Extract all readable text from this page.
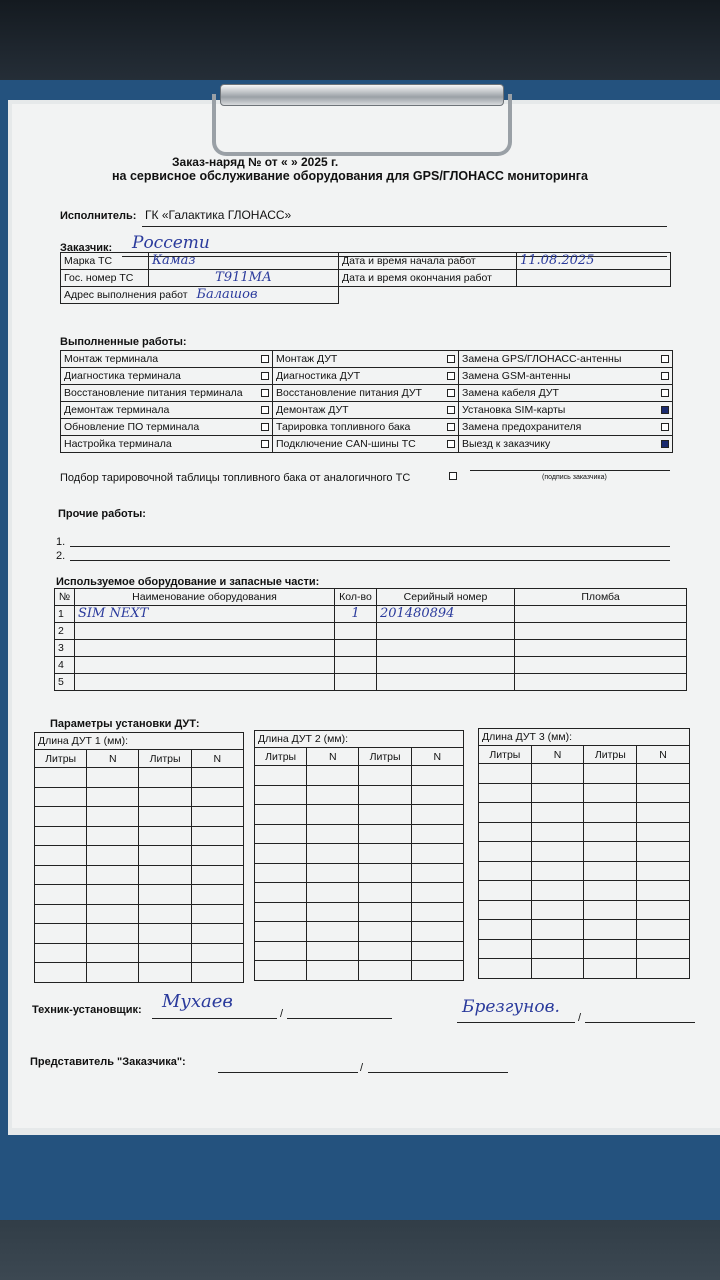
Заказ-наряд № от « » 2025 г.
на сервисное обслуживание оборудования для GPS/ГЛОНАСС мониторинга
Исполнитель: ГК «Галактика ГЛОНАСС»
Заказчик: Россети
Марка ТС	Камаз	Дата и время начала работ	11.08.2025
Гос. номер ТС	Т911МА	Дата и время окончания работ	
Адрес выполнения работ Балашов			
Выполненные работы:

Монтаж терминала	Монтаж ДУТ	Замена GPS/ГЛОНАСС-антенны

Диагностика терминала	Диагностика ДУТ	Замена GSM-антенны

Восстановление питания терминала	Восстановление питания ДУТ	Замена кабеля ДУТ

Демонтаж терминала	Демонтаж ДУТ	Установка SIM-карты

Обновление ПО терминала	Тарировка топливного бака	Замена предохранителя

Настройка терминала	Подключение CAN-шины ТС	Выезд к заказчику
Подбор тарировочной таблицы топливного бака от аналогичного ТС	(подпись заказчика)
Прочие работы:
1.
2.
Используемое оборудование и запасные части:
№	Наименование оборудования	Кол-во	Серийный номер	Пломба
1	SIM NEXT	1	201480894	
2				
3				
4				
5				
Параметры установки ДУТ:
Длина ДУТ 1 (мм):			
Литры	N	Литры	N

Длина ДУТ 2 (мм):			
Литры	N	Литры	N

Длина ДУТ 3 (мм):			
Литры	N	Литры	N

Техник-установщик: Мухаев
/	Брезгунов.
/
Представитель "Заказчика":	/
